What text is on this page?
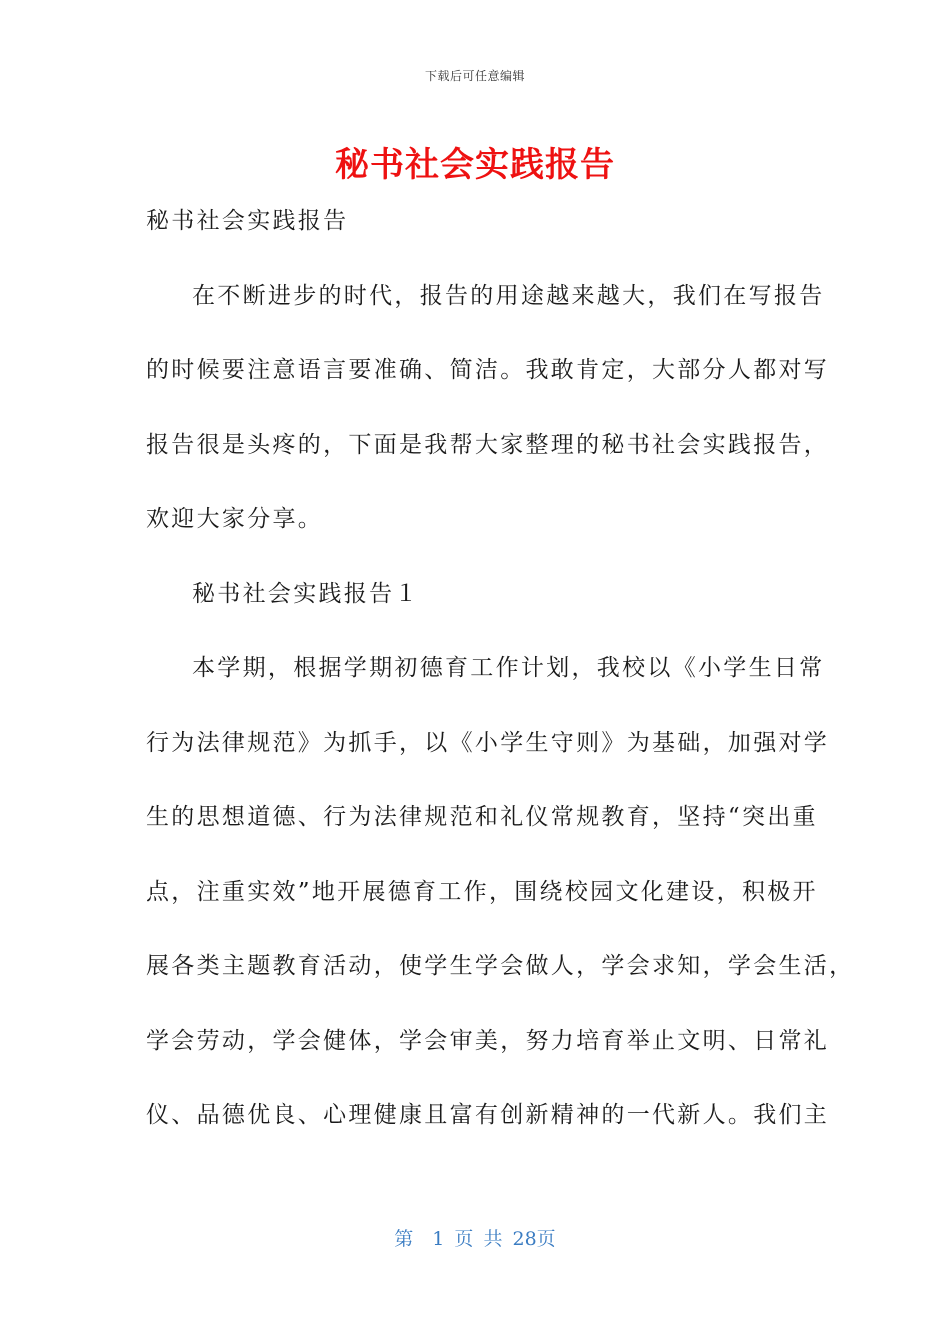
下载后可任意编辑
秘书社会实践报告
秘书社会实践报告
在不断进步的时代，报告的用途越来越大，我们在写报告
的时候要注意语言要准确、简洁。我敢肯定，大部分人都对写
报告很是头疼的，下面是我帮大家整理的秘书社会实践报告，
欢迎大家分享。
秘书社会实践报告１
本学期，根据学期初德育工作计划，我校以《小学生日常
行为法律规范》为抓手，以《小学生守则》为基础，加强对学
生的思想道德、行为法律规范和礼仪常规教育，坚持“突出重
点，注重实效”地开展德育工作，围绕校园文化建设，积极开
展各类主题教育活动，使学生学会做人，学会求知，学会生活，
学会劳动，学会健体，学会审美，努力培育举止文明、日常礼
仪、品德优良、心理健康且富有创新精神的一代新人。我们主
第　1 页 共 28页
